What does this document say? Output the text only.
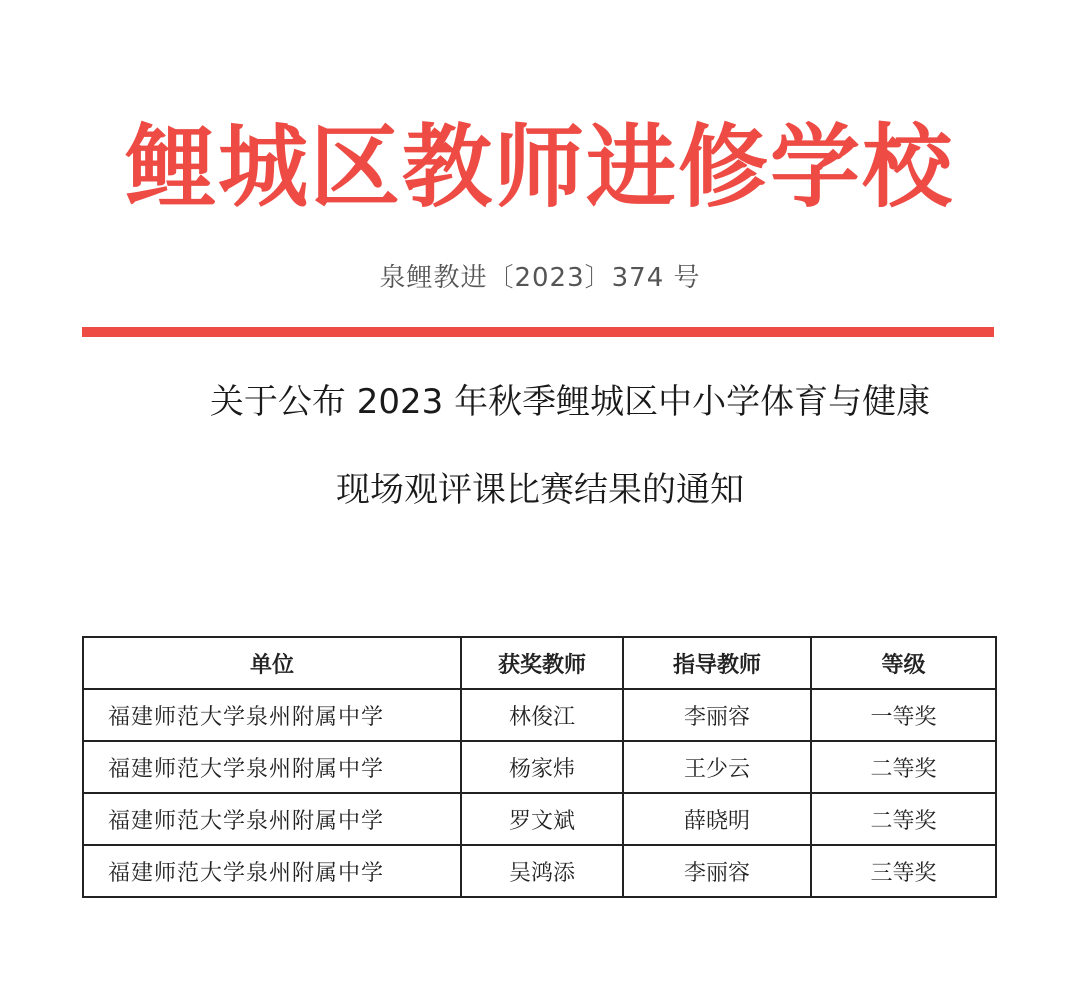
鲤城区教师进修学校
泉鲤教进〔2023〕374 号
关于公布 2023 年秋季鲤城区中小学体育与健康
现场观评课比赛结果的通知
单位	获奖教师	指导教师	等级
福建师范大学泉州附属中学	林俊江	李丽容	一等奖
福建师范大学泉州附属中学	杨家炜	王少云	二等奖
福建师范大学泉州附属中学	罗文斌	薛晓明	二等奖
福建师范大学泉州附属中学	吴鸿添	李丽容	三等奖
